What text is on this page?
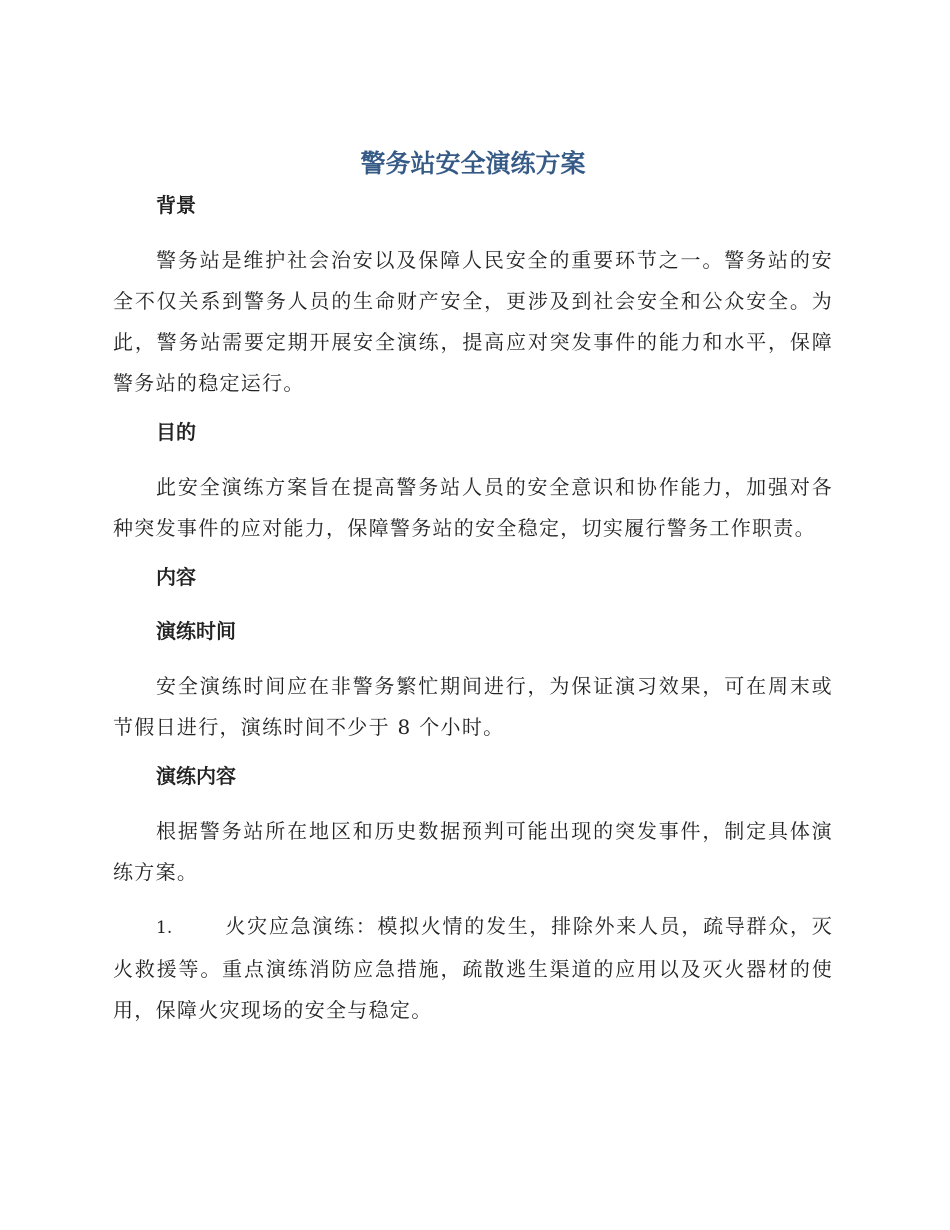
警务站安全演练方案
背景

警务站是维护社会治安以及保障人民安全的重要环节之一。警务站的安全不仅关系到警务人员的生命财产安全，更涉及到社会安全和公众安全。为此，警务站需要定期开展安全演练，提高应对突发事件的能力和水平，保障警务站的稳定运行。

目的

此安全演练方案旨在提高警务站人员的安全意识和协作能力，加强对各种突发事件的应对能力，保障警务站的安全稳定，切实履行警务工作职责。

内容
演练时间

安全演练时间应在非警务繁忙期间进行，为保证演习效果，可在周末或节假日进行，演练时间不少于 8 个小时。

演练内容

根据警务站所在地区和历史数据预判可能出现的突发事件，制定具体演练方案。

1.	火灾应急演练：模拟火情的发生，排除外来人员，疏导群众，灭火救援等。重点演练消防应急措施，疏散逃生渠道的应用以及灭火器材的使用，保障火灾现场的安全与稳定。
